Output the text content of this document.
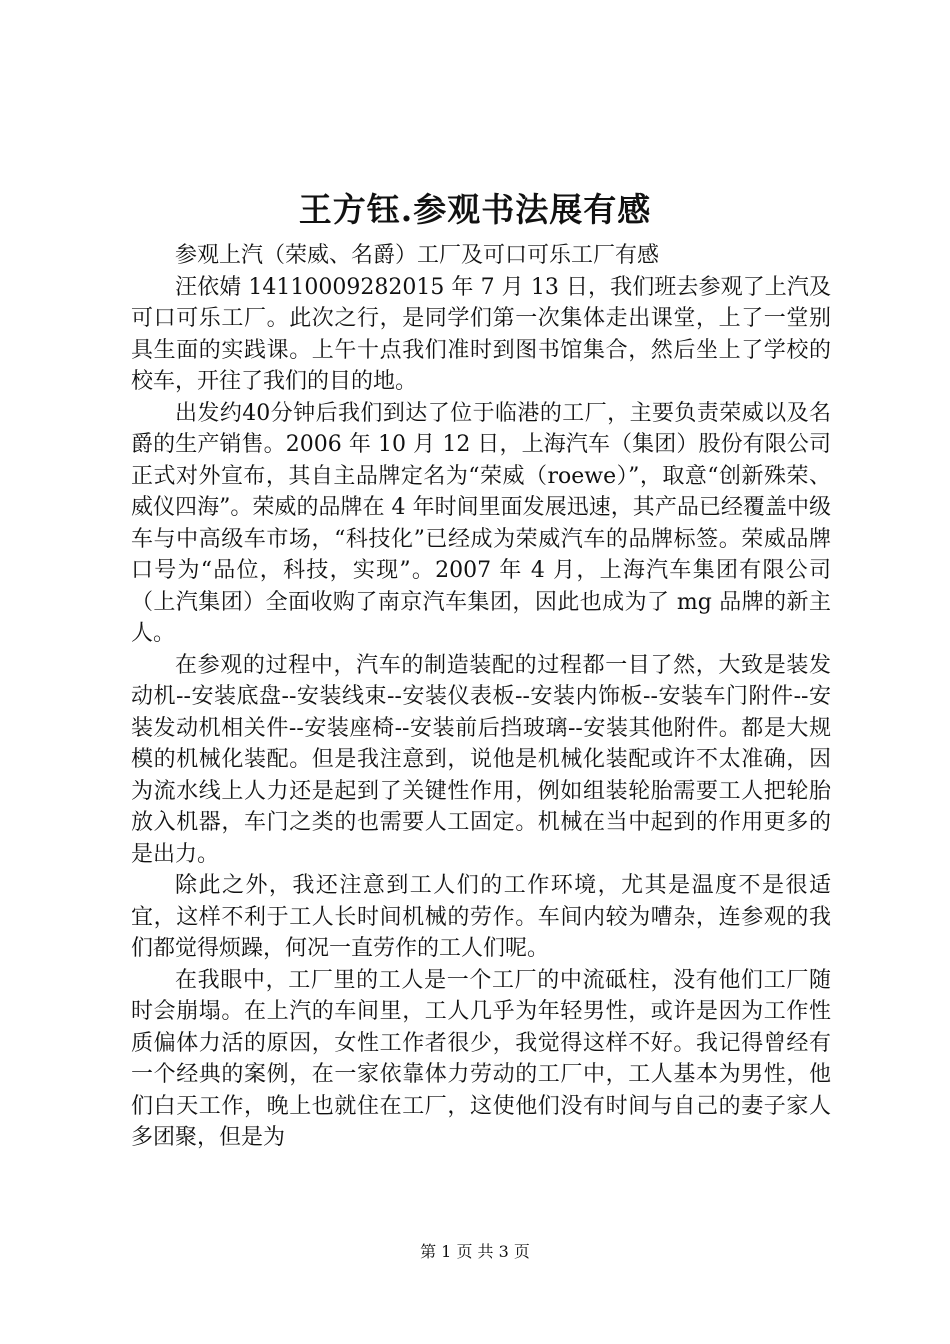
王方钰.参观书法展有感

参观上汽（荣威、名爵）工厂及可口可乐工厂有感

汪依婧 14110009282015 年 7 月 13 日，我们班去参观了上汽及可口可乐工厂。此次之行，是同学们第一次集体走出课堂，上了一堂别具生面的实践课。上午十点我们准时到图书馆集合，然后坐上了学校的校车，开往了我们的目的地。

出发约40分钟后我们到达了位于临港的工厂，主要负责荣威以及名爵的生产销售。2006 年 10 月 12 日，上海汽车（集团）股份有限公司正式对外宣布，其自主品牌定名为“荣威（roewe）”，取意“创新殊荣、威仪四海”。荣威的品牌在 4 年时间里面发展迅速，其产品已经覆盖中级车与中高级车市场，“科技化”已经成为荣威汽车的品牌标签。荣威品牌口号为“品位，科技，实现”。2007 年 4 月，上海汽车集团有限公司（上汽集团）全面收购了南京汽车集团，因此也成为了 mg 品牌的新主人。

在参观的过程中，汽车的制造装配的过程都一目了然，大致是装发动机--安装底盘--安装线束--安装仪表板--安装内饰板--安装车门附件--安装发动机相关件--安装座椅--安装前后挡玻璃--安装其他附件。都是大规模的机械化装配。但是我注意到，说他是机械化装配或许不太准确，因为流水线上人力还是起到了关键性作用，例如组装轮胎需要工人把轮胎放入机器，车门之类的也需要人工固定。机械在当中起到的作用更多的是出力。

除此之外，我还注意到工人们的工作环境，尤其是温度不是很适宜，这样不利于工人长时间机械的劳作。车间内较为嘈杂，连参观的我们都觉得烦躁，何况一直劳作的工人们呢。

在我眼中，工厂里的工人是一个工厂的中流砥柱，没有他们工厂随时会崩塌。在上汽的车间里，工人几乎为年轻男性，或许是因为工作性质偏体力活的原因，女性工作者很少，我觉得这样不好。我记得曾经有一个经典的案例，在一家依靠体力劳动的工厂中，工人基本为男性，他们白天工作，晚上也就住在工厂，这使他们没有时间与自己的妻子家人多团聚，但是为

第 1 页 共 3 页
